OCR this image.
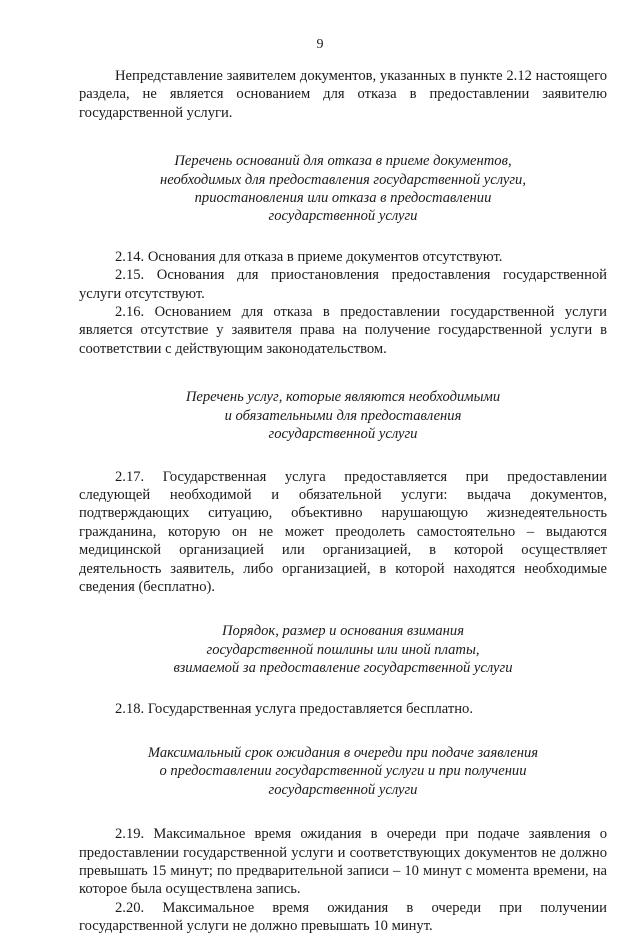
9

Непредставление заявителем документов, указанных в пункте 2.12 настоящего раздела, не является основанием для отказа в предоставлении заявителю государственной услуги.

Перечень оснований для отказа в приеме документов,
необходимых для предоставления государственной услуги,
приостановления или отказа в предоставлении
государственной услуги

2.14. Основания для отказа в приеме документов отсутствуют.

2.15. Основания для приостановления предоставления государственной услуги отсутствуют.

2.16. Основанием для отказа в предоставлении государственной услуги является отсутствие у заявителя права на получение государственной услуги в соответствии с действующим законодательством.

Перечень услуг, которые являются необходимыми
и обязательными для предоставления
государственной услуги

2.17. Государственная услуга предоставляется при предоставлении следующей необходимой и обязательной услуги: выдача документов, подтверждающих ситуацию, объективно нарушающую жизнедеятельность гражданина, которую он не может преодолеть самостоятельно – выдаются медицинской организацией или организацией, в которой осуществляет деятельность заявитель, либо организацией, в которой находятся необходимые сведения (бесплатно).

Порядок, размер и основания взимания
государственной пошлины или иной платы,
взимаемой за предоставление государственной услуги

2.18. Государственная услуга предоставляется бесплатно.

Максимальный срок ожидания в очереди при подаче заявления
о предоставлении государственной услуги и при получении
государственной услуги

2.19. Максимальное время ожидания в очереди при подаче заявления о предоставлении государственной услуги и соответствующих документов не должно превышать 15 минут; по предварительной записи – 10 минут с момента времени, на которое была осуществлена запись.

2.20. Максимальное время ожидания в очереди при получении государственной услуги не должно превышать 10 минут.
